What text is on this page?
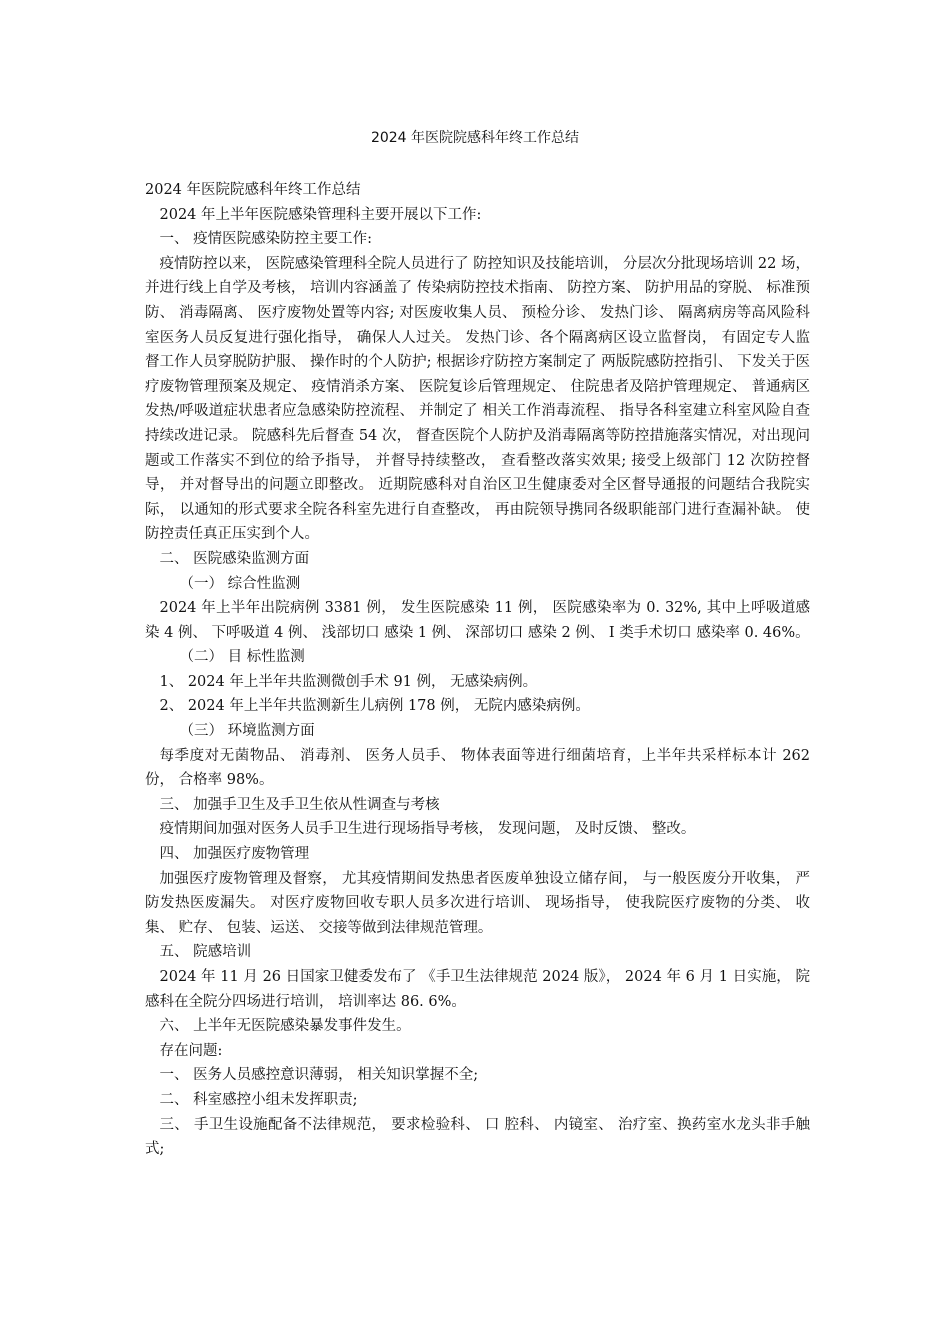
2024 年医院院感科年终工作总结

2024 年医院院感科年终工作总结

2024 年上半年医院感染管理科主要开展以下工作:

一、 疫情医院感染防控主要工作:

疫情防控以来， 医院感染管理科全院人员进行了 防控知识及技能培训， 分层次分批现场培训 22 场， 并进行线上自学及考核， 培训内容涵盖了 传染病防控技术指南、 防控方案、 防护用品的穿脱、 标准预防、 消毒隔离、 医疗废物处置等内容; 对医废收集人员、 预检分诊、 发热门诊、 隔离病房等高风险科室医务人员反复进行强化指导， 确保人人过关。 发热门诊、各个隔离病区设立监督岗， 有固定专人监督工作人员穿脱防护服、 操作时的个人防护; 根据诊疗防控方案制定了 两版院感防控指引、 下发关于医疗废物管理预案及规定、 疫情消杀方案、 医院复诊后管理规定、 住院患者及陪护管理规定、 普通病区发热/呼吸道症状患者应急感染防控流程、 并制定了 相关工作消毒流程、 指导各科室建立科室风险自查持续改进记录。 院感科先后督查 54 次， 督查医院个人防护及消毒隔离等防控措施落实情况，对出现问题或工作落实不到位的给予指导， 并督导持续整改， 查看整改落实效果; 接受上级部门 12 次防控督导， 并对督导出的问题立即整改。 近期院感科对自治区卫生健康委对全区督导通报的问题结合我院实际， 以通知的形式要求全院各科室先进行自查整改， 再由院领导携同各级职能部门进行查漏补缺。 使防控责任真正压实到个人。

二、 医院感染监测方面

（一） 综合性监测

2024 年上半年出院病例 3381 例， 发生医院感染 11 例， 医院感染率为 0. 32%, 其中上呼吸道感染 4 例、 下呼吸道 4 例、 浅部切口 感染 1 例、 深部切口 感染 2 例、 Ⅰ 类手术切口 感染率 0. 46%。

（二） 目 标性监测

1、 2024 年上半年共监测微创手术 91 例， 无感染病例。

2、 2024 年上半年共监测新生儿病例 178 例， 无院内感染病例。

（三） 环境监测方面

每季度对无菌物品、 消毒剂、 医务人员手、 物体表面等进行细菌培育，上半年共采样标本计 262 份， 合格率 98%。

三、 加强手卫生及手卫生依从性调查与考核

疫情期间加强对医务人员手卫生进行现场指导考核， 发现问题， 及时反馈、 整改。

四、 加强医疗废物管理

加强医疗废物管理及督察， 尤其疫情期间发热患者医废单独设立储存间， 与一般医废分开收集， 严防发热医废漏失。 对医疗废物回收专职人员多次进行培训、 现场指导， 使我院医疗废物的分类、 收集、 贮存、 包装、运送、 交接等做到法律规范管理。

五、 院感培训

2024 年 11 月 26 日国家卫健委发布了 《手卫生法律规范 2024 版》， 2024 年 6 月 1 日实施， 院感科在全院分四场进行培训， 培训率达 86. 6%。

六、 上半年无医院感染暴发事件发生。

存在问题:

一、 医务人员感控意识薄弱， 相关知识掌握不全;

二、 科室感控小组未发挥职责;

三、 手卫生设施配备不法律规范， 要求检验科、 口 腔科、 内镜室、 治疗室、换药室水龙头非手触式;
